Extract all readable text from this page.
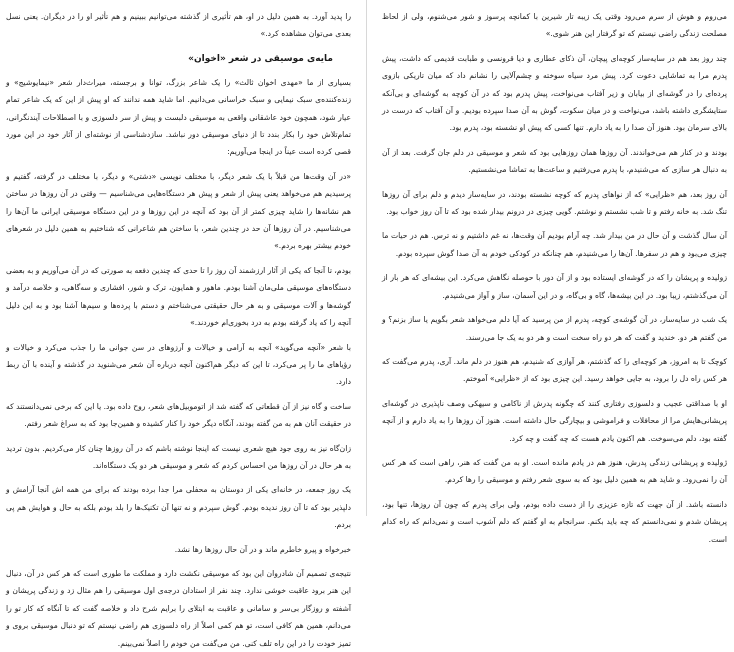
را پدید آورد. به همین دلیل در او، هم تأثیری از گذشته می‌توانیم ببینیم و هم تأثیر او را در دیگران. یعنی نسل بعدی می‌توان مشاهده کرد.»

مایه‌ی موسیقی در شعر «اخوان»

بسیاری از ما «مهدی اخوان ثالث» را یک شاعر بزرگ، توانا و برجسته، میراث‌دار شعر «نیمایوشیج» و زنده‌کننده‌ی سبک نیمایی و سبک خراسانی می‌دانیم. اما شاید همه ندانند که او پیش از این که یک شاعر تمام عیار شود، همچون خود عاشقانی واقعی به موسیقی دلبست و پیش از سر دلسوزی و با اصطلاحات آیندنگرانی، تمام‌تلاش خود را بکار بندد تا از دنیای موسیقی دور نباشد. سازدشناسی از نوشته‌ای از آثار خود در این مورد قصی کرده است عیناً در اینجا می‌آوریم:

«در آن وقت‌ها من قبلاً با یک شعر دیگر، با مختلف نویسی «دشتی» و دیگر، با مختلف در گرفته، گفتیم و پرسیدیم هم می‌خواهد یعنی پیش از شعر و پیش هر دستگاه‌هایی می‌شناسیم — وقتی در آن روزها در ساختن هم نشانه‌ها را شاید چیزی کمتر از آن بود که آنچه در این روزها و در این دستگاه موسیقی ایرانی ما آن‌ها را می‌شناسیم. در آن روزها آن حد در چندین شعر، با ساختن هم شاعرانی که شناختیم به همین دلیل در شعرهای خودم بیشتر بهره بردم.»

بودم، تا آنجا که یکی از آثار ارزشمند آن روز را تا حدی که چندین دفعه به صورتی که در آن می‌آوریم و به بعضی دستگاه‌های موسیقی ملی‌مان آشنا بودم. ماهور و همایون، ترک و شور، افشاری و سه‌گاهی، و خلاصه درآمد و گوشه‌ها و آلات موسیقی و به هر حال حقیقتی می‌شناختم و دستم با پرده‌ها و سیم‌ها آشنا بود و به این دلیل آنچه را که یاد گرفته بودم به درد بخوری‌ام خوردند.»

با شعر «آنچه می‌گوید» آنچه به آرامی و خیالات و آرزوهای در سن جوانی ما را جذب می‌کرد و خیالات و رؤیاهای ما را پر می‌کرد، تا این که دیگر هم‌اکنون آنچه درباره آن شعر می‌شنوید در گذشته و آینده با آن ربط دارد.

ساخت و گاه نیز از آن قطعاتی که گفته شد از اتوموبیل‌های شعر، روح داده بود. یا این که برخی نمی‌دانستند که در حقیقت آنان هم به من گفته بودند، آنگاه دیگر خود را کنار کشیده و همین‌جا بود که به سراغ شعر رفتم.

زان‌گاه نیز به روی جود هیچ شعری نیست که اینجا نوشته باشم که در آن روزها چنان کار می‌کردیم. بدون تردید به هر حال در آن روزها من احساس کردم که شعر و موسیقی هر دو یک دستگاه‌اند.

یک روز جمعه، در خانه‌ای یکی از دوستان به محفلی مرا جدا برده بودند که برای من همه اش آنجا آرامش و دلپذیر بود که تا آن روز ندیده بودم. گوش سپردم و نه تنها آن تکنیک‌ها را بلد بودم بلکه به حال و هوایش هم پی بردم.

خبرخواه و پیرو خاطرم ماند و در آن حال روزها رها نشد.

نتیجه‌ی تصمیم آن شادروان این بود که موسیقی نکشت دارد و مملکت ما طوری است که هر کس در آن، دنبال این هنر برود عاقبت خوشی ندارد. چند نفر از استادان درجه‌ی اول موسیقی را هم مثال زد و زندگی پریشان و آشفته و روزگار بی‌سر و سامانی و عاقبت به ابتلای را برایم شرح داد و خلاصه گفت که تا آنگاه که کار تو را می‌دانم، همین هم کافی است، تو هم کمی اصلاً از راه دلسوزی هم راضی نیستم که تو دنبال موسیقی بروی و تمیز خودت را در این راه تلف کنی. من می‌گفت من خودم را اصلاً نمی‌بینم.

می‌روم و هوش از سرم می‌رود وقتی یک زیبه تار شیرین با کمانچه پرسوز و شور می‌شنوم، ولی از لحاظ مصلحت زندگی راضی نیستم که تو گرفتار این هنر شوی.»

چند روز بعد هم در سایه‌سار کوچه‌ای پیچان، آن ذکای عطاری و دیا قرونسی و طبابت قدیمی که داشت، پیش پدرم مرا به تماشایی دعوت کرد. پیش مرد سیاه سوخته و چشم‌آلایی را نشانم داد که میان تاریکی بازوی پرده‌ای را در گوشه‌ای از بیابان و زیر آفتاب می‌نواخت، پیش پدرم بود که در آن کوچه به گوشه‌ای و بی‌آنکه ستایشگری داشته باشد، می‌نواخت و در میان سکوت، گوش به آن صدا سپرده بودیم. و آن آفتاب که درست در بالای سرمان بود. هنوز آن صدا را به یاد دارم. تنها کسی که پیش او نشسته بود، پدرم بود.

بودند و در کنار هم می‌خواندند. آن روزها همان روزهایی بود که شعر و موسیقی در دلم جان گرفت. بعد از آن به دنبال هر سازی که می‌شنیدم، با پدرم می‌رفتیم و ساعت‌ها به تماشا می‌نشستیم.

آن روز بعد، هم «ظرایی» که از نواهای پدرم که کوچه نشسته بودند، در سایه‌سار دیدم و دلم برای آن روزها تنگ شد. به خانه رفتم و تا شب نشستم و نوشتم. گویی چیزی در درونم بیدار شده بود که تا آن روز خواب بود.

آن سال گذشت و آن حال در من بیدار شد. چه آرام بودیم آن وقت‌ها، نه غم داشتیم و نه ترس. هم در حیات ما چیزی می‌بود و هم در سفرها. آن‌ها را می‌شنیدم، هم چنانکه در کودکی خودم به آن صدا گوش سپرده بودم.

زولیده و پریشان را که در گوشه‌ای ایستاده بود و از آن دور با حوصله نگاهش می‌کرد. این بیشه‌ای که هر بار از آن می‌گذشتم، زیبا بود. در این بیشه‌ها، گاه و بی‌گاه، و در این آسمان، ساز و آواز می‌شنیدم.

یک شب در سایه‌سار، در آن گوشه‌ی کوچه، پدرم از من پرسید که آیا دلم می‌خواهد شعر بگویم یا ساز بزنم؟ و من گفتم هر دو. خندید و گفت که هر دو راه سخت است و هر دو به یک جا می‌رسند.

کوچک تا به امروز، هر کوچه‌ای را که گذشتم، هر آوازی که شنیدم، هم هنوز در دلم ماند. آری، پدرم می‌گفت که هر کس راه دل را برود، به جایی خواهد رسید. این چیزی بود که از «ظرایی» آموختم.

او با صداقتی عجیب و دلسوزی رفتاری کنند که چگونه پدرش از ناکامی و سیهکی وصف ناپذیری در گوشه‌ای پریشانی‌هایش مرا از محافلات و فراموشی و بیچارگی حال داشته است. هنوز آن روزها را به یاد دارم و از آنچه گفته بود، دلم می‌سوخت. هم اکنون یادم هست که چه گفت و چه کرد.

ژولیده و پریشانی زندگی پدرش، هنوز هم در یادم مانده است. او به من گفت که هنر، راهی است که هر کس آن را نمی‌رود. و شاید هم به همین دلیل بود که به سوی شعر رفتم و موسیقی را رها کردم.

دانسته باشد. از آن جهت که تازه عزیزی را از دست داده بودم، ولی برای پدرم که چون آن روزها، تنها بود، پریشان شدم و نمی‌دانستم که چه باید بکنم. سرانجام به او گفتم که دلم آشوب است و نمی‌دانم که راه کدام است.
